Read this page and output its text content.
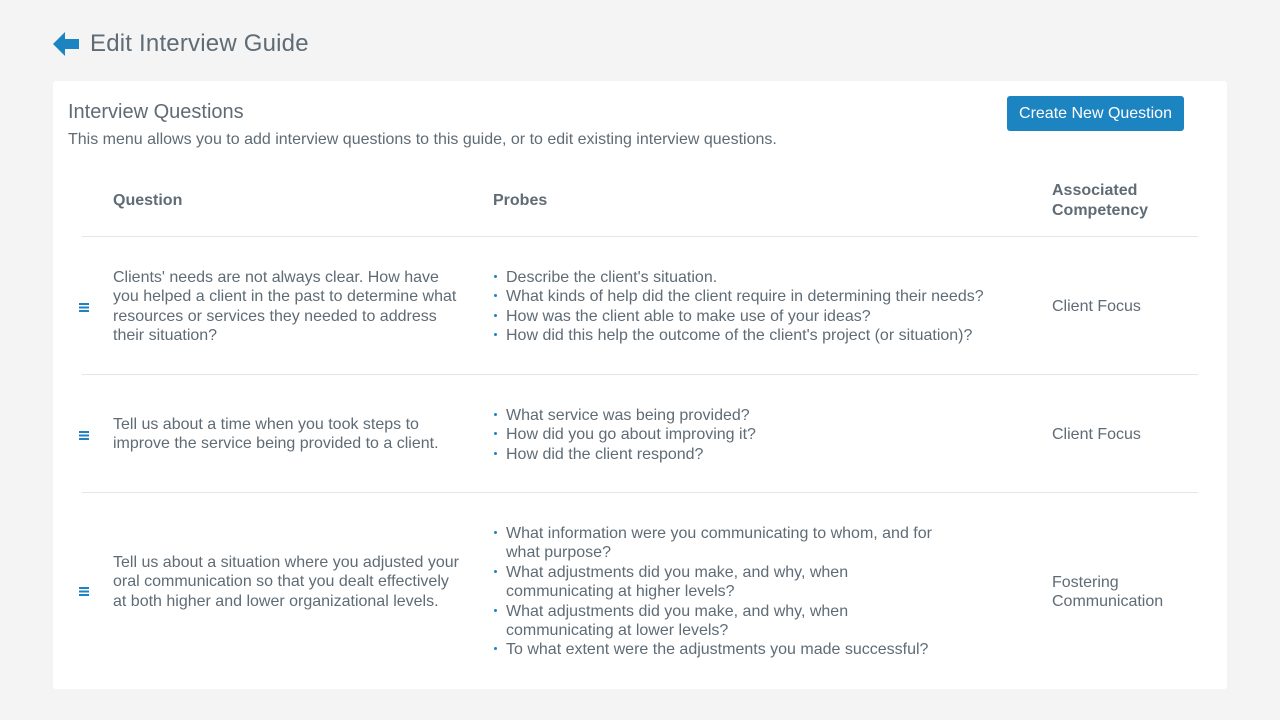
Edit Interview Guide
Interview Questions
This menu allows you to add interview questions to this guide, or to edit existing interview questions.
Create New Question
Question	Probes
Associated
Competency
Clients' needs are not always clear. How have you helped a client in the past to determine what resources or services they needed to address their situation?
Describe the client's situation.
What kinds of help did the client require in determining their needs?
How was the client able to make use of your ideas?
How did this help the outcome of the client's project (or situation)?
Client Focus
Tell us about a time when you took steps to improve the service being provided to a client.
What service was being provided?
How did you go about improving it?
How did the client respond?
Client Focus
Tell us about a situation where you adjusted your oral communication so that you dealt effectively at both higher and lower organizational levels.
What information were you communicating to whom, and for what purpose?
What adjustments did you make, and why, when communicating at higher levels?
What adjustments did you make, and why, when communicating at lower levels?
To what extent were the adjustments you made successful?
Fostering Communication
